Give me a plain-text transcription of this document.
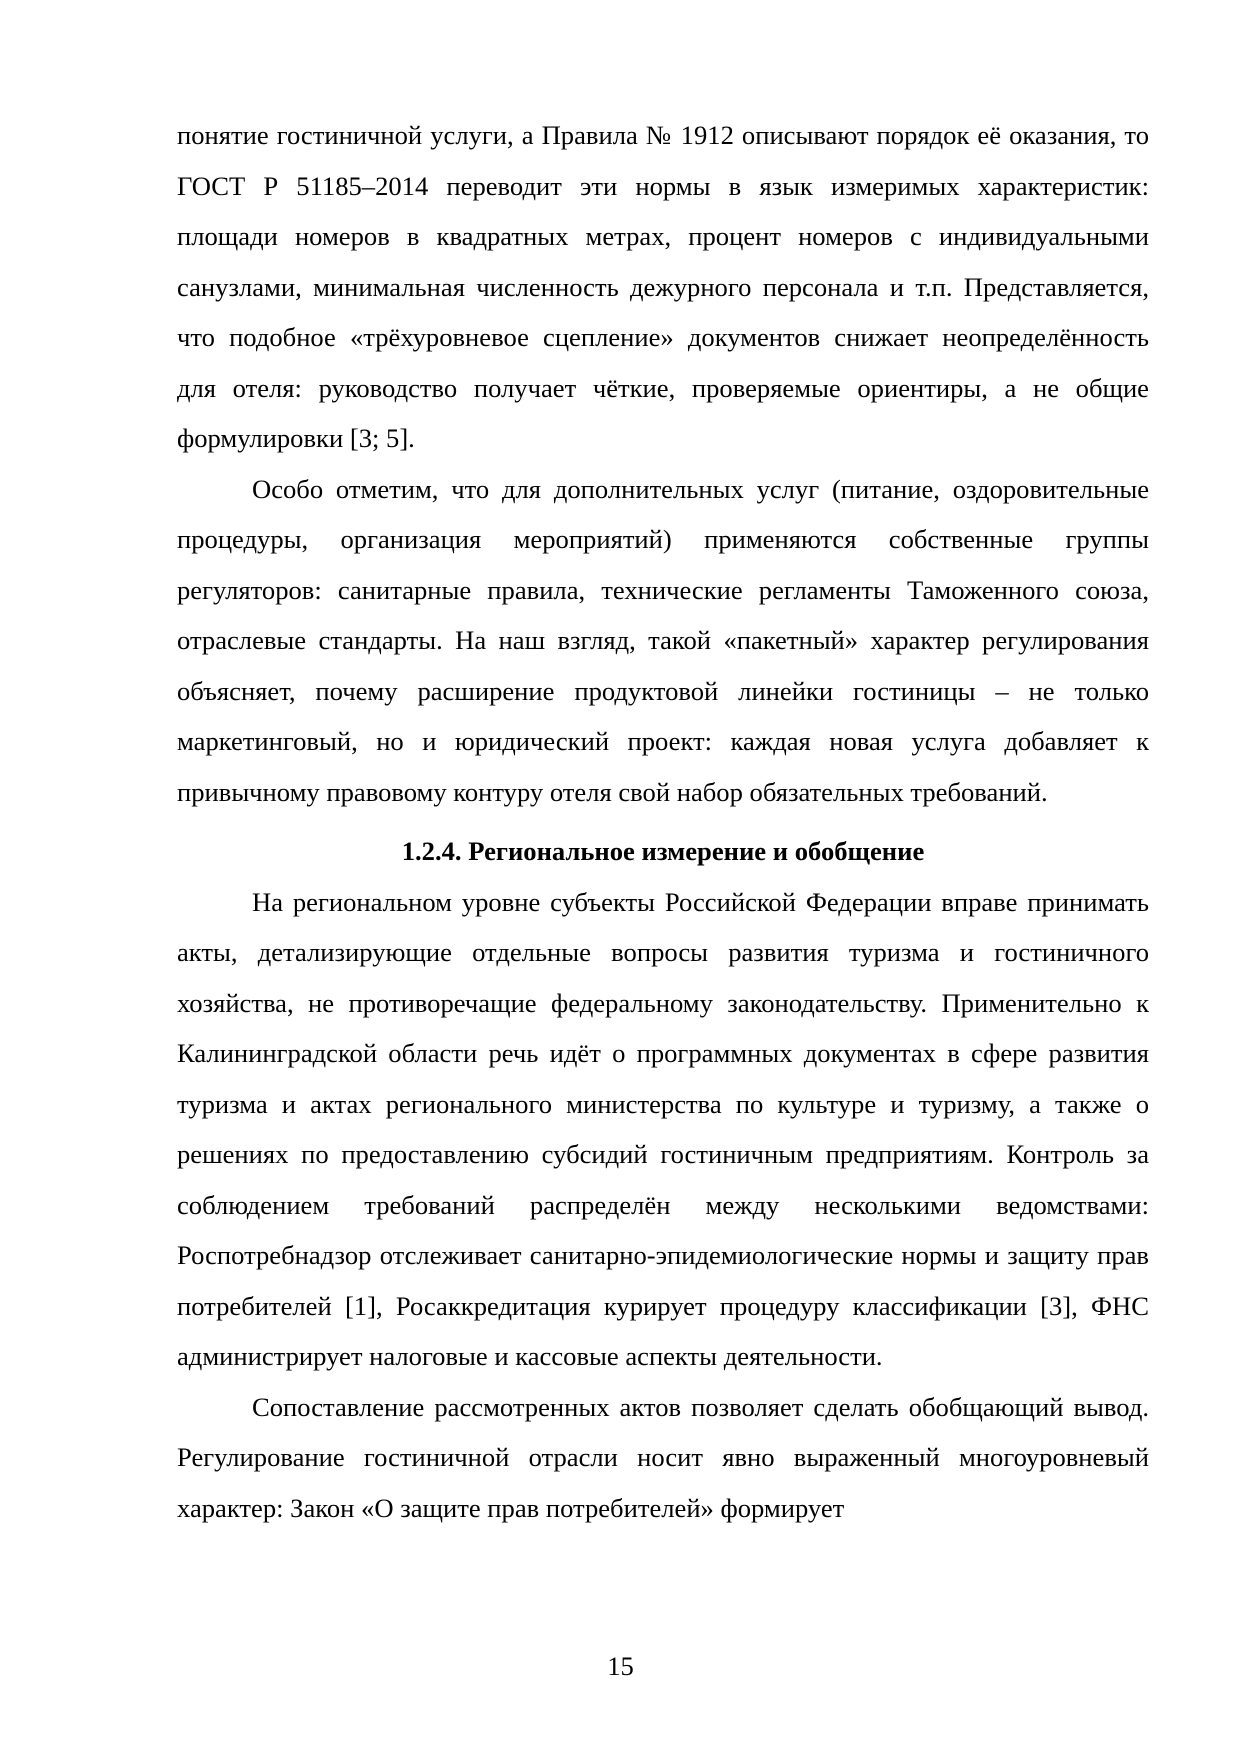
понятие гостиничной услуги, а Правила № 1912 описывают порядок её оказания, то ГОСТ Р 51185–2014 переводит эти нормы в язык измеримых характеристик: площади номеров в квадратных метрах, процент номеров с индивидуальными санузлами, минимальная численность дежурного персонала и т.п. Представляется, что подобное «трёхуровневое сцепление» документов снижает неопределённость для отеля: руководство получает чёткие, проверяемые ориентиры, а не общие формулировки [3; 5].

Особо отметим, что для дополнительных услуг (питание, оздоровительные процедуры, организация мероприятий) применяются собственные группы регуляторов: санитарные правила, технические регламенты Таможенного союза, отраслевые стандарты. На наш взгляд, такой «пакетный» характер регулирования объясняет, почему расширение продуктовой линейки гостиницы – не только маркетинговый, но и юридический проект: каждая новая услуга добавляет к привычному правовому контуру отеля свой набор обязательных требований.

1.2.4. Региональное измерение и обобщение

На региональном уровне субъекты Российской Федерации вправе принимать акты, детализирующие отдельные вопросы развития туризма и гостиничного хозяйства, не противоречащие федеральному законодательству. Применительно к Калининградской области речь идёт о программных документах в сфере развития туризма и актах регионального министерства по культуре и туризму, а также о решениях по предоставлению субсидий гостиничным предприятиям. Контроль за соблюдением требований распределён между несколькими ведомствами: Роспотребнадзор отслеживает санитарно-эпидемиологические нормы и защиту прав потребителей [1], Росаккредитация курирует процедуру классификации [3], ФНС администрирует налоговые и кассовые аспекты деятельности.

Сопоставление рассмотренных актов позволяет сделать обобщающий вывод. Регулирование гостиничной отрасли носит явно выраженный многоуровневый характер: Закон «О защите прав потребителей» формирует

15
